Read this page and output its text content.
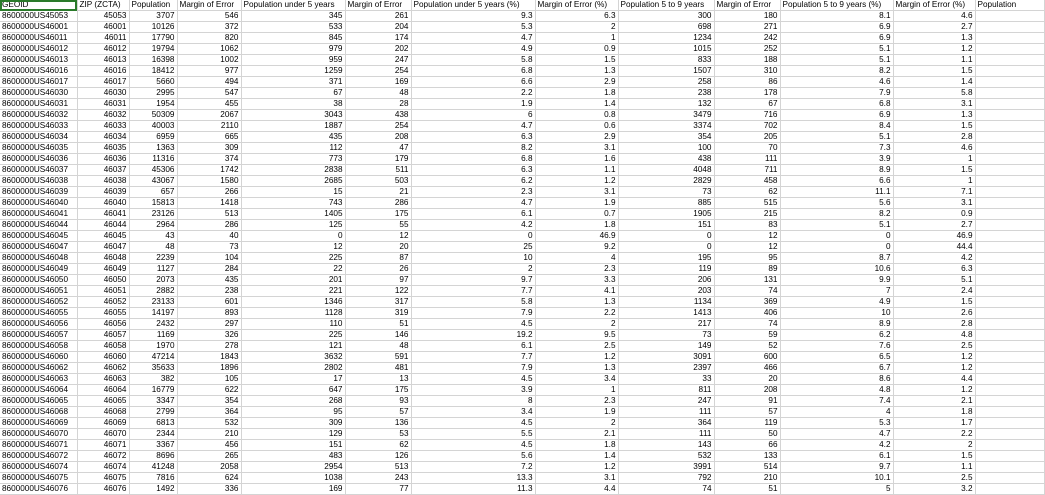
GEOID	ZIP (ZCTA)	Population	Margin of Error	Population under 5 years	Margin of Error	Population under 5 years (%)	Margin of Error (%)	Population 5 to 9 years	Margin of Error	Population 5 to 9 years (%)	Margin of Error (%)	Population
8600000US45053	45053	3707	546	345	261	9.3	6.3	300	180	8.1	4.6	
8600000US46001	46001	10126	372	533	204	5.3	2	698	271	6.9	2.7	
8600000US46011	46011	17790	820	845	174	4.7	1	1234	242	6.9	1.3	
8600000US46012	46012	19794	1062	979	202	4.9	0.9	1015	252	5.1	1.2	
8600000US46013	46013	16398	1002	959	247	5.8	1.5	833	188	5.1	1.1	
8600000US46016	46016	18412	977	1259	254	6.8	1.3	1507	310	8.2	1.5	
8600000US46017	46017	5660	494	371	169	6.6	2.9	258	86	4.6	1.4	
8600000US46030	46030	2995	547	67	48	2.2	1.8	238	178	7.9	5.8	
8600000US46031	46031	1954	455	38	28	1.9	1.4	132	67	6.8	3.1	
8600000US46032	46032	50309	2067	3043	438	6	0.8	3479	716	6.9	1.3	
8600000US46033	46033	40003	2110	1887	254	4.7	0.6	3374	702	8.4	1.5	
8600000US46034	46034	6959	665	435	208	6.3	2.9	354	205	5.1	2.8	
8600000US46035	46035	1363	309	112	47	8.2	3.1	100	70	7.3	4.6	
8600000US46036	46036	11316	374	773	179	6.8	1.6	438	111	3.9	1	
8600000US46037	46037	45306	1742	2838	511	6.3	1.1	4048	711	8.9	1.5	
8600000US46038	46038	43067	1580	2685	503	6.2	1.2	2829	458	6.6	1	
8600000US46039	46039	657	266	15	21	2.3	3.1	73	62	11.1	7.1	
8600000US46040	46040	15813	1418	743	286	4.7	1.9	885	515	5.6	3.1	
8600000US46041	46041	23126	513	1405	175	6.1	0.7	1905	215	8.2	0.9	
8600000US46044	46044	2964	286	125	55	4.2	1.8	151	83	5.1	2.7	
8600000US46045	46045	43	40	0	12	0	46.9	0	12	0	46.9	
8600000US46047	46047	48	73	12	20	25	9.2	0	12	0	44.4	
8600000US46048	46048	2239	104	225	87	10	4	195	95	8.7	4.2	
8600000US46049	46049	1127	284	22	26	2	2.3	119	89	10.6	6.3	
8600000US46050	46050	2073	435	201	97	9.7	3.3	206	131	9.9	5.1	
8600000US46051	46051	2882	238	221	122	7.7	4.1	203	74	7	2.4	
8600000US46052	46052	23133	601	1346	317	5.8	1.3	1134	369	4.9	1.5	
8600000US46055	46055	14197	893	1128	319	7.9	2.2	1413	406	10	2.6	
8600000US46056	46056	2432	297	110	51	4.5	2	217	74	8.9	2.8	
8600000US46057	46057	1169	326	225	146	19.2	9.5	73	59	6.2	4.8	
8600000US46058	46058	1970	278	121	48	6.1	2.5	149	52	7.6	2.5	
8600000US46060	46060	47214	1843	3632	591	7.7	1.2	3091	600	6.5	1.2	
8600000US46062	46062	35633	1896	2802	481	7.9	1.3	2397	466	6.7	1.2	
8600000US46063	46063	382	105	17	13	4.5	3.4	33	20	8.6	4.4	
8600000US46064	46064	16779	622	647	175	3.9	1	811	208	4.8	1.2	
8600000US46065	46065	3347	354	268	93	8	2.3	247	91	7.4	2.1	
8600000US46068	46068	2799	364	95	57	3.4	1.9	111	57	4	1.8	
8600000US46069	46069	6813	532	309	136	4.5	2	364	119	5.3	1.7	
8600000US46070	46070	2344	210	129	53	5.5	2.1	111	50	4.7	2.2	
8600000US46071	46071	3367	456	151	62	4.5	1.8	143	66	4.2	2	
8600000US46072	46072	8696	265	483	126	5.6	1.4	532	133	6.1	1.5	
8600000US46074	46074	41248	2058	2954	513	7.2	1.2	3991	514	9.7	1.1	
8600000US46075	46075	7816	624	1038	243	13.3	3.1	792	210	10.1	2.5	
8600000US46076	46076	1492	336	169	77	11.3	4.4	74	51	5	3.2	
